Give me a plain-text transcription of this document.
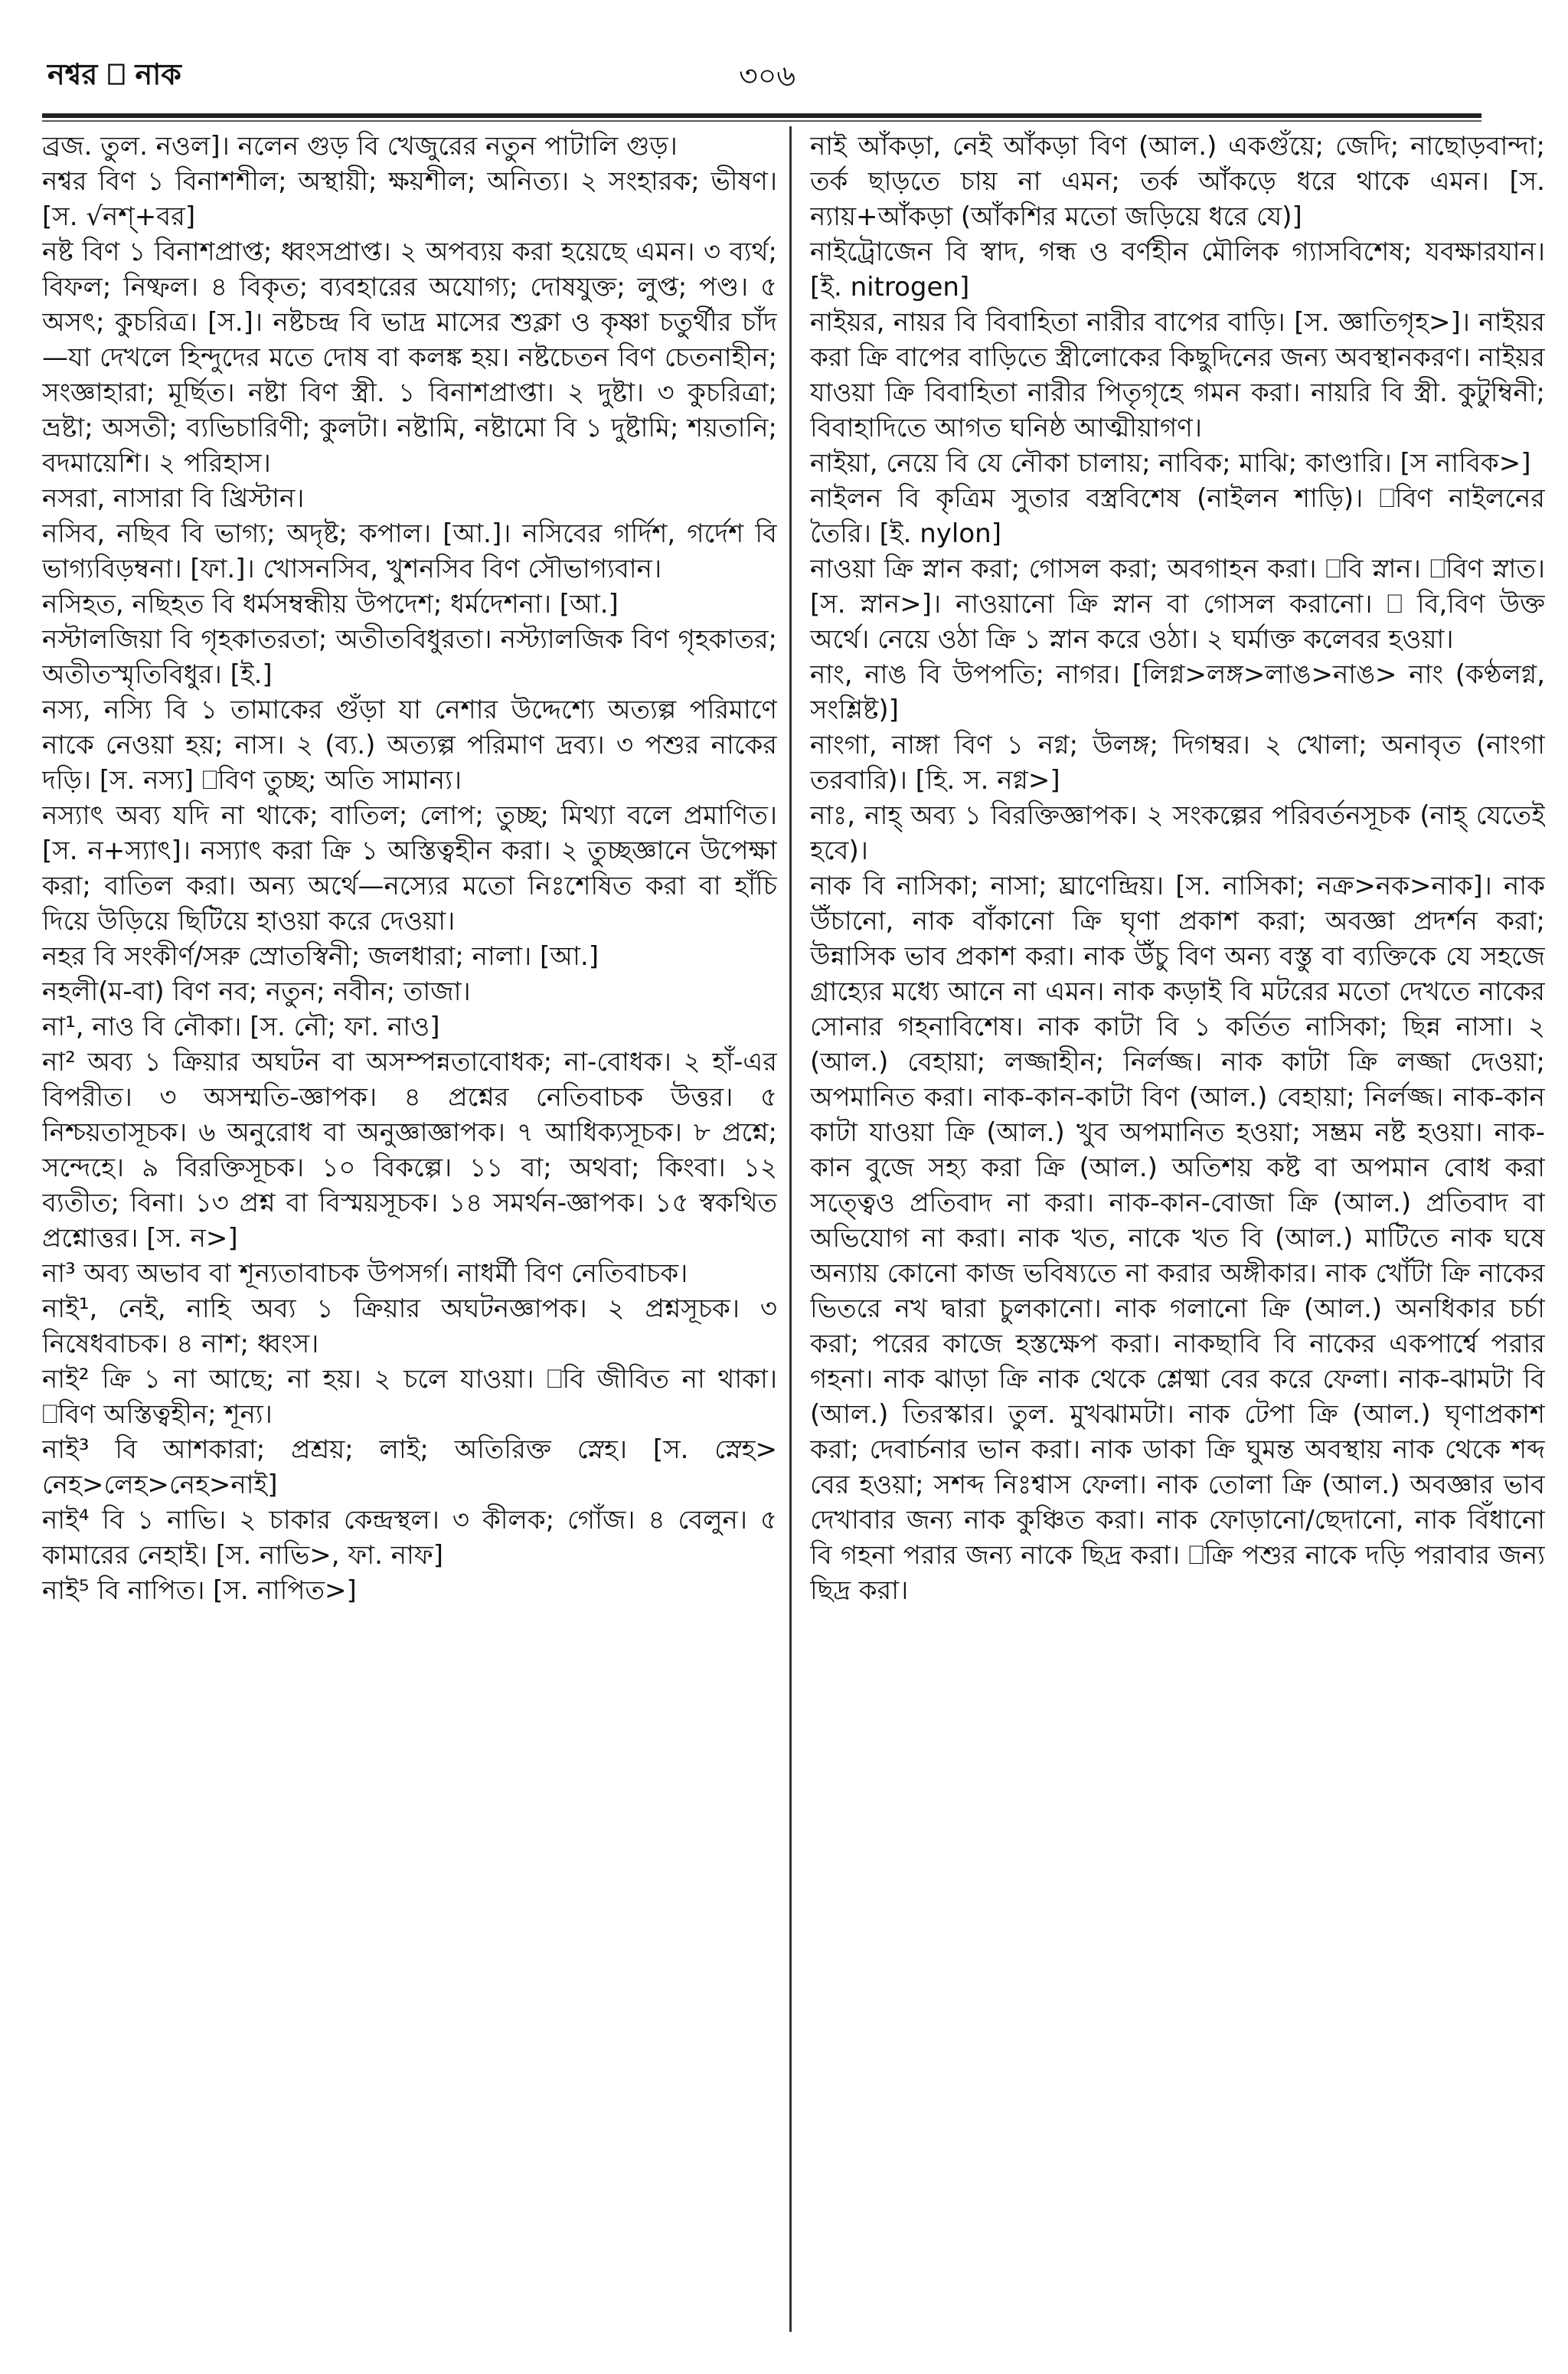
নশ্বর ⎕ নাক	৩০৬

ব্রজ. তুল. নওল]। নলেন গুড় বি খেজুরের নতুন পাটালি গুড়।

নশ্বর বিণ ১ বিনাশশীল; অস্থায়ী; ক্ষয়শীল; অনিত্য। ২ সংহারক; ভীষণ। [স. √নশ্+বর]

নষ্ট বিণ ১ বিনাশপ্রাপ্ত; ধ্বংসপ্রাপ্ত। ২ অপব্যয় করা হয়েছে এমন। ৩ ব্যর্থ; বিফল; নিষ্ফল। ৪ বিকৃত; ব্যবহারের অযোগ্য; দোষযুক্ত; লুপ্ত; পণ্ড। ৫ অসৎ; কুচরিত্র। [স.]। নষ্টচন্দ্র বি ভাদ্র মাসের শুক্লা ও কৃষ্ণা চতুর্থীর চাঁদ—যা দেখলে হিন্দুদের মতে দোষ বা কলঙ্ক হয়। নষ্টচেতন বিণ চেতনাহীন; সংজ্ঞাহারা; মূর্ছিত। নষ্টা বিণ স্ত্রী. ১ বিনাশপ্রাপ্তা। ২ দুষ্টা। ৩ কুচরিত্রা; ভ্রষ্টা; অসতী; ব্যভিচারিণী; কুলটা। নষ্টামি, নষ্টামো বি ১ দুষ্টামি; শয়তানি; বদমায়েশি। ২ পরিহাস।

নসরা, নাসারা বি খ্রিস্টান।

নসিব, নছিব বি ভাগ্য; অদৃষ্ট; কপাল। [আ.]। নসিবের গর্দিশ, গর্দেশ বি ভাগ্যবিড়ম্বনা। [ফা.]। খোসনসিব, খুশনসিব বিণ সৌভাগ্যবান।

নসিহত, নছিহত বি ধর্মসম্বন্ধীয় উপদেশ; ধর্মদেশনা। [আ.]

নস্টালজিয়া বি গৃহকাতরতা; অতীতবিধুরতা। নস্ট্যালজিক বিণ গৃহকাতর; অতীতস্মৃতিবিধুর। [ই.]

নস্য, নস্যি বি ১ তামাকের গুঁড়া যা নেশার উদ্দেশ্যে অত্যল্প পরিমাণে নাকে নেওয়া হয়; নাস। ২ (ব্য.) অত্যল্প পরিমাণ দ্রব্য। ৩ পশুর নাকের দড়ি। [স. নস্য] ⎕বিণ তুচ্ছ; অতি সামান্য।

নস্যাৎ অব্য যদি না থাকে; বাতিল; লোপ; তুচ্ছ; মিথ্যা বলে প্রমাণিত। [স. ন+স্যাৎ]। নস্যাৎ করা ক্রি ১ অস্তিত্বহীন করা। ২ তুচ্ছজ্ঞানে উপেক্ষা করা; বাতিল করা। অন্য অর্থে—নস্যের মতো নিঃশেষিত করা বা হাঁচি দিয়ে উড়িয়ে ছিটিয়ে হাওয়া করে দেওয়া।

নহর বি সংকীর্ণ/সরু স্রোতস্বিনী; জলধারা; নালা। [আ.]

নহলী(ম-বা) বিণ নব; নতুন; নবীন; তাজা।

না¹, নাও বি নৌকা। [স. নৌ; ফা. নাও]

না² অব্য ১ ক্রিয়ার অঘটন বা অসম্পন্নতাবোধক; না-বোধক। ২ হাঁ-এর বিপরীত। ৩ অসম্মতি-জ্ঞাপক। ৪ প্রশ্নের নেতিবাচক উত্তর। ৫ নিশ্চয়তাসূচক। ৬ অনুরোধ বা অনুজ্ঞাজ্ঞাপক। ৭ আধিক্যসূচক। ৮ প্রশ্নে; সন্দেহে। ৯ বিরক্তিসূচক। ১০ বিকল্পে। ১১ বা; অথবা; কিংবা। ১২ ব্যতীত; বিনা। ১৩ প্রশ্ন বা বিস্ময়সূচক। ১৪ সমর্থন-জ্ঞাপক। ১৫ স্বকথিত প্রশ্নোত্তর। [স. ন>]

না³ অব্য অভাব বা শূন্যতাবাচক উপসর্গ। নাধর্মী বিণ নেতিবাচক।

নাই¹, নেই, নাহি অব্য ১ ক্রিয়ার অঘটনজ্ঞাপক। ২ প্রশ্নসূচক। ৩ নিষেধবাচক। ৪ নাশ; ধ্বংস।

নাই² ক্রি ১ না আছে; না হয়। ২ চলে যাওয়া। ⎕বি জীবিত না থাকা। ⎕বিণ অস্তিত্বহীন; শূন্য।

নাই³ বি আশকারা; প্রশ্রয়; লাই; অতিরিক্ত স্নেহ। [স. স্নেহ> নেহ>লেহ>নেহ>নাই]

নাই⁴ বি ১ নাভি। ২ চাকার কেন্দ্রস্থল। ৩ কীলক; গোঁজ। ৪ বেলুন। ৫ কামারের নেহাই। [স. নাভি>, ফা. নাফ]

নাই⁵ বি নাপিত। [স. নাপিত>]

নাই আঁকড়া, নেই আঁকড়া বিণ (আল.) একগুঁয়ে; জেদি; নাছোড়বান্দা; তর্ক ছাড়তে চায় না এমন; তর্ক আঁকড়ে ধরে থাকে এমন। [স. ন্যায়+আঁকড়া (আঁকশির মতো জড়িয়ে ধরে যে)]

নাইট্রোজেন বি স্বাদ, গন্ধ ও বর্ণহীন মৌলিক গ্যাসবিশেষ; যবক্ষারযান। [ই. nitrogen]

নাইয়র, নায়র বি বিবাহিতা নারীর বাপের বাড়ি। [স. জ্ঞাতিগৃহ>]। নাইয়র করা ক্রি বাপের বাড়িতে স্ত্রীলোকের কিছুদিনের জন্য অবস্থানকরণ। নাইয়র যাওয়া ক্রি বিবাহিতা নারীর পিতৃগৃহে গমন করা। নায়রি বি স্ত্রী. কুটুম্বিনী; বিবাহাদিতে আগত ঘনিষ্ঠ আত্মীয়াগণ।

নাইয়া, নেয়ে বি যে নৌকা চালায়; নাবিক; মাঝি; কাণ্ডারি। [স নাবিক>]

নাইলন বি কৃত্রিম সুতার বস্ত্রবিশেষ (নাইলন শাড়ি)। ⎕বিণ নাইলনের তৈরি। [ই. nylon]

নাওয়া ক্রি স্নান করা; গোসল করা; অবগাহন করা। ⎕বি স্নান। ⎕বিণ স্নাত। [স. স্নান>]। নাওয়ানো ক্রি স্নান বা গোসল করানো। ⎕ বি,বিণ উক্ত অর্থে। নেয়ে ওঠা ক্রি ১ স্নান করে ওঠা। ২ ঘর্মাক্ত কলেবর হওয়া।

নাং, নাঙ বি উপপতি; নাগর। [লিগ্ন>লঙ্গ>লাঙ>নাঙ> নাং (কণ্ঠলগ্ন, সংশ্লিষ্ট)]

নাংগা, নাঙ্গা বিণ ১ নগ্ন; উলঙ্গ; দিগম্বর। ২ খোলা; অনাবৃত (নাংগা তরবারি)। [হি. স. নগ্ন>]

নাঃ, নাহ্ অব্য ১ বিরক্তিজ্ঞাপক। ২ সংকল্পের পরিবর্তনসূচক (নাহ্ যেতেই হবে)।

নাক বি নাসিকা; নাসা; ঘ্রাণেন্দ্রিয়। [স. নাসিকা; নক্র>নক>নাক]। নাক উঁচানো, নাক বাঁকানো ক্রি ঘৃণা প্রকাশ করা; অবজ্ঞা প্রদর্শন করা; উন্নাসিক ভাব প্রকাশ করা। নাক উঁচু বিণ অন্য বস্তু বা ব্যক্তিকে যে সহজে গ্রাহ্যের মধ্যে আনে না এমন। নাক কড়াই বি মটরের মতো দেখতে নাকের সোনার গহনাবিশেষ। নাক কাটা বি ১ কর্তিত নাসিকা; ছিন্ন নাসা। ২ (আল.) বেহায়া; লজ্জাহীন; নির্লজ্জ। নাক কাটা ক্রি লজ্জা দেওয়া; অপমানিত করা। নাক-কান-কাটা বিণ (আল.) বেহায়া; নির্লজ্জ। নাক-কান কাটা যাওয়া ক্রি (আল.) খুব অপমানিত হওয়া; সম্ভ্রম নষ্ট হওয়া। নাক-কান বুজে সহ্য করা ক্রি (আল.) অতিশয় কষ্ট বা অপমান বোধ করা সত্ত্বেও প্রতিবাদ না করা। নাক-কান-বোজা ক্রি (আল.) প্রতিবাদ বা অভিযোগ না করা। নাক খত, নাকে খত বি (আল.) মাটিতে নাক ঘষে অন্যায় কোনো কাজ ভবিষ্যতে না করার অঙ্গীকার। নাক খোঁটা ক্রি নাকের ভিতরে নখ দ্বারা চুলকানো। নাক গলানো ক্রি (আল.) অনধিকার চর্চা করা; পরের কাজে হস্তক্ষেপ করা। নাকছাবি বি নাকের একপার্শ্বে পরার গহনা। নাক ঝাড়া ক্রি নাক থেকে শ্লেষ্মা বের করে ফেলা। নাক-ঝামটা বি (আল.) তিরস্কার। তুল. মুখঝামটা। নাক টেপা ক্রি (আল.) ঘৃণাপ্রকাশ করা; দেবার্চনার ভান করা। নাক ডাকা ক্রি ঘুমন্ত অবস্থায় নাক থেকে শব্দ বের হওয়া; সশব্দ নিঃশ্বাস ফেলা। নাক তোলা ক্রি (আল.) অবজ্ঞার ভাব দেখাবার জন্য নাক কুঞ্চিত করা। নাক ফোড়ানো/ছেদানো, নাক বিঁধানো বি গহনা পরার জন্য নাকে ছিদ্র করা। ⎕ক্রি পশুর নাকে দড়ি পরাবার জন্য ছিদ্র করা।
